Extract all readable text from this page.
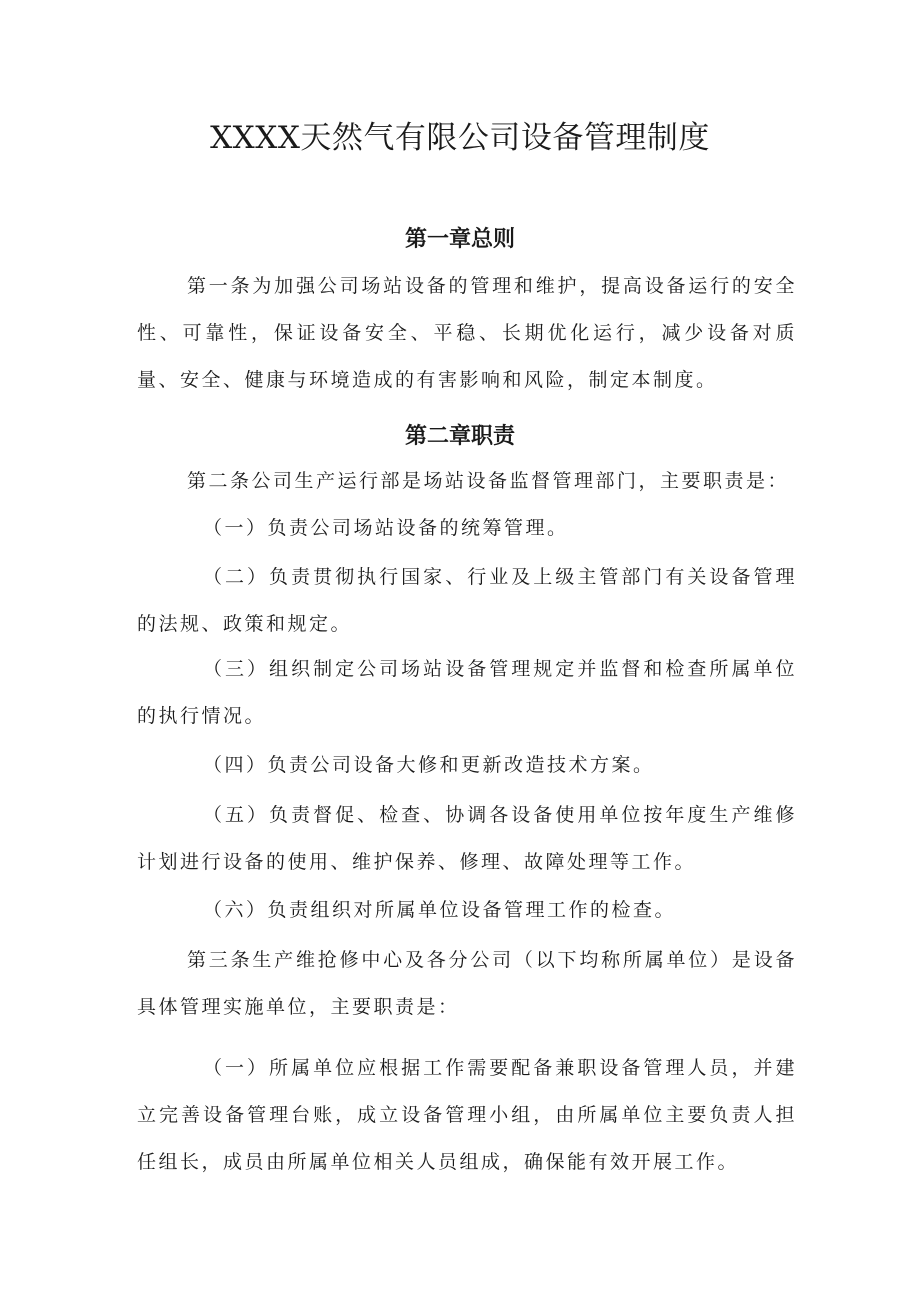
XXXX天然气有限公司设备管理制度
第一章总则

第一条为加强公司场站设备的管理和维护，提高设备运行的安全性、可靠性，保证设备安全、平稳、长期优化运行，减少设备对质量、安全、健康与环境造成的有害影响和风险，制定本制度。

第二章职责

第二条公司生产运行部是场站设备监督管理部门，主要职责是：

（一）负责公司场站设备的统筹管理。

（二）负责贯彻执行国家、行业及上级主管部门有关设备管理的法规、政策和规定。

（三）组织制定公司场站设备管理规定并监督和检查所属单位的执行情况。

（四）负责公司设备大修和更新改造技术方案。

（五）负责督促、检查、协调各设备使用单位按年度生产维修计划进行设备的使用、维护保养、修理、故障处理等工作。

（六）负责组织对所属单位设备管理工作的检查。

第三条生产维抢修中心及各分公司（以下均称所属单位）是设备具体管理实施单位，主要职责是：

（一）所属单位应根据工作需要配备兼职设备管理人员，并建立完善设备管理台账，成立设备管理小组，由所属单位主要负责人担任组长，成员由所属单位相关人员组成，确保能有效开展工作。
